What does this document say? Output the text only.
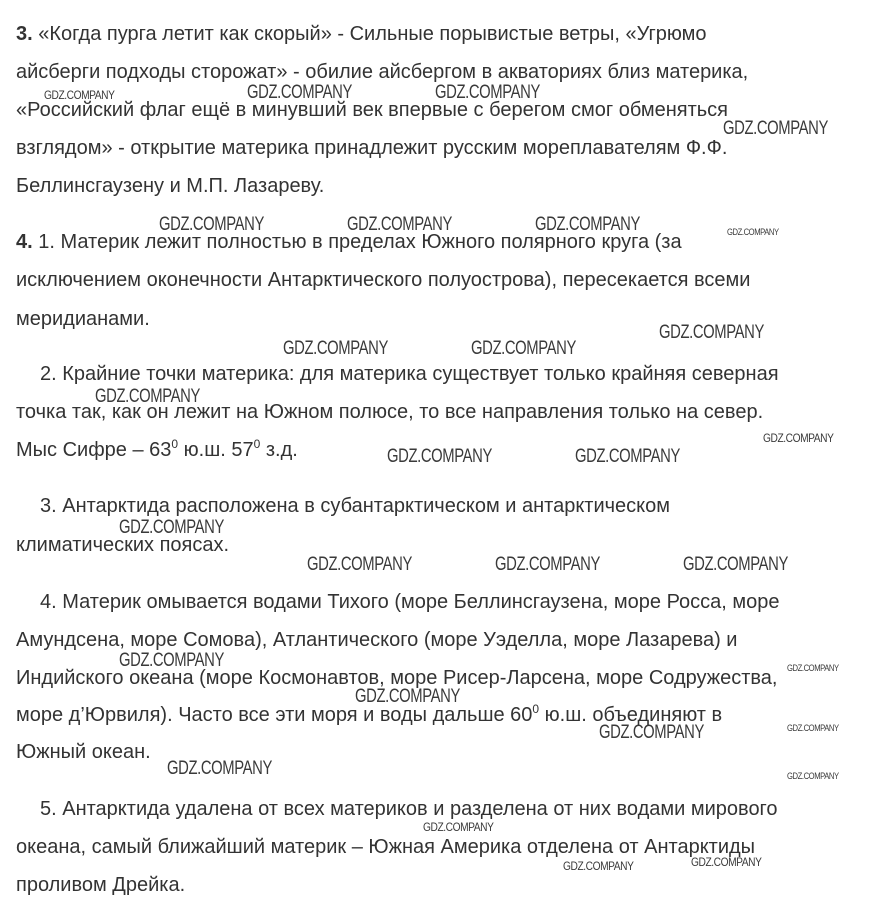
3. «Когда пурга летит как скорый» - Сильные порывистые ветры, «Угрюмо
айсберги подходы сторожат» - обилие айсбергом в акваториях близ материка,
«Российский флаг ещё в минувший век впервые с берегом смог обменяться
взглядом» - открытие материка принадлежит русским мореплавателям Ф.Ф.
Беллинсгаузену и М.П. Лазареву.
4. 1. Материк лежит полностью в пределах Южного полярного круга (за
исключением оконечности Антарктического полуострова), пересекается всеми
меридианами.
2. Крайние точки материка: для материка существует только крайняя северная
точка так, как он лежит на Южном полюсе, то все направления только на север.
Мыс Сифре – $63^0$ ю.ш. $57^0$ з.д.
3. Антарктида расположена в субантарктическом и антарктическом
климатических поясах.
4. Материк омывается водами Тихого (море Беллинсгаузена, море Росса, море
Амундсена, море Сомова), Атлантического (море Уэделла, море Лазарева) и
Индийского океана (море Космонавтов, море Рисер-Ларсена, море Содружества,
море д’Юрвиля). Часто все эти моря и воды дальше $60^0$ ю.ш. объединяют в
Южный океан.
5. Антарктида удалена от всех материков и разделена от них водами мирового
океана, самый ближайший материк – Южная Америка отделена от Антарктиды
проливом Дрейка.
GDZ.COMPANY	GDZ.COMPANY	GDZ.COMPANY
GDZ.COMPANY
GDZ.COMPANY	GDZ.COMPANY	GDZ.COMPANY	GDZ.COMPANY
GDZ.COMPANY
GDZ.COMPANY	GDZ.COMPANY
GDZ.COMPANY
GDZ.COMPANY
GDZ.COMPANY	GDZ.COMPANY
GDZ.COMPANY
GDZ.COMPANY	GDZ.COMPANY	GDZ.COMPANY
GDZ.COMPANY	GDZ.COMPANY
GDZ.COMPANY
GDZ.COMPANY
GDZ.COMPANY
GDZ.COMPANY	GDZ.COMPANY
GDZ.COMPANY
GDZ.COMPANY	GDZ.COMPANY
